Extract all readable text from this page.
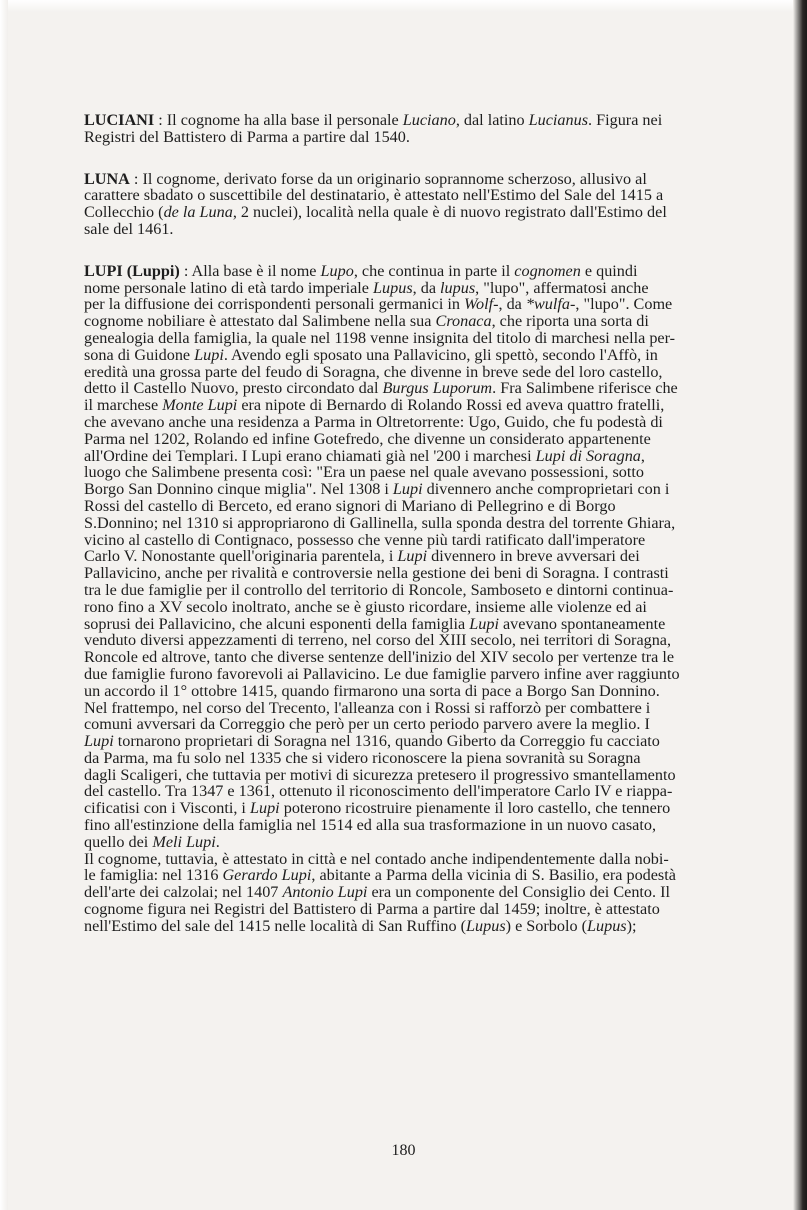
LUCIANI : Il cognome ha alla base il personale Luciano, dal latino Lucianus. Figura nei
Registri del Battistero di Parma a partire dal 1540.

LUNA : Il cognome, derivato forse da un originario soprannome scherzoso, allusivo al
carattere sbadato o suscettibile del destinatario, è attestato nell'Estimo del Sale del 1415 a
Collecchio (de la Luna, 2 nuclei), località nella quale è di nuovo registrato dall'Estimo del
sale del 1461.

LUPI (Luppi) : Alla base è il nome Lupo, che continua in parte il cognomen e quindi
nome personale latino di età tardo imperiale Lupus, da lupus, "lupo", affermatosi anche
per la diffusione dei corrispondenti personali germanici in Wolf-, da *wulfa-, "lupo". Come
cognome nobiliare è attestato dal Salimbene nella sua Cronaca, che riporta una sorta di
genealogia della famiglia, la quale nel 1198 venne insignita del titolo di marchesi nella per-
sona di Guidone Lupi. Avendo egli sposato una Pallavicino, gli spettò, secondo l'Affò, in
eredità una grossa parte del feudo di Soragna, che divenne in breve sede del loro castello,
detto il Castello Nuovo, presto circondato dal Burgus Luporum. Fra Salimbene riferisce che
il marchese Monte Lupi era nipote di Bernardo di Rolando Rossi ed aveva quattro fratelli,
che avevano anche una residenza a Parma in Oltretorrente: Ugo, Guido, che fu podestà di
Parma nel 1202, Rolando ed infine Gotefredo, che divenne un considerato appartenente
all'Ordine dei Templari. I Lupi erano chiamati già nel '200 i marchesi Lupi di Soragna,
luogo che Salimbene presenta così: "Era un paese nel quale avevano possessioni, sotto
Borgo San Donnino cinque miglia". Nel 1308 i Lupi divennero anche comproprietari con i
Rossi del castello di Berceto, ed erano signori di Mariano di Pellegrino e di Borgo
S.Donnino; nel 1310 si appropriarono di Gallinella, sulla sponda destra del torrente Ghiara,
vicino al castello di Contignaco, possesso che venne più tardi ratificato dall'imperatore
Carlo V. Nonostante quell'originaria parentela, i Lupi divennero in breve avversari dei
Pallavicino, anche per rivalità e controversie nella gestione dei beni di Soragna. I contrasti
tra le due famiglie per il controllo del territorio di Roncole, Samboseto e dintorni continua-
rono fino a XV secolo inoltrato, anche se è giusto ricordare, insieme alle violenze ed ai
soprusi dei Pallavicino, che alcuni esponenti della famiglia Lupi avevano spontaneamente
venduto diversi appezzamenti di terreno, nel corso del XIII secolo, nei territori di Soragna,
Roncole ed altrove, tanto che diverse sentenze dell'inizio del XIV secolo per vertenze tra le
due famiglie furono favorevoli ai Pallavicino. Le due famiglie parvero infine aver raggiunto
un accordo il 1° ottobre 1415, quando firmarono una sorta di pace a Borgo San Donnino.
Nel frattempo, nel corso del Trecento, l'alleanza con i Rossi si rafforzò per combattere i
comuni avversari da Correggio che però per un certo periodo parvero avere la meglio. I
Lupi tornarono proprietari di Soragna nel 1316, quando Giberto da Correggio fu cacciato
da Parma, ma fu solo nel 1335 che si videro riconoscere la piena sovranità su Soragna
dagli Scaligeri, che tuttavia per motivi di sicurezza pretesero il progressivo smantellamento
del castello. Tra 1347 e 1361, ottenuto il riconoscimento dell'imperatore Carlo IV e riappa-
cificatisi con i Visconti, i Lupi poterono ricostruire pienamente il loro castello, che tennero
fino all'estinzione della famiglia nel 1514 ed alla sua trasformazione in un nuovo casato,
quello dei Meli Lupi.

Il cognome, tuttavia, è attestato in città e nel contado anche indipendentemente dalla nobi-
le famiglia: nel 1316 Gerardo Lupi, abitante a Parma della vicinia di S. Basilio, era podestà
dell'arte dei calzolai; nel 1407 Antonio Lupi era un componente del Consiglio dei Cento. Il
cognome figura nei Registri del Battistero di Parma a partire dal 1459; inoltre, è attestato
nell'Estimo del sale del 1415 nelle località di San Ruffino (Lupus) e Sorbolo (Lupus);

180
